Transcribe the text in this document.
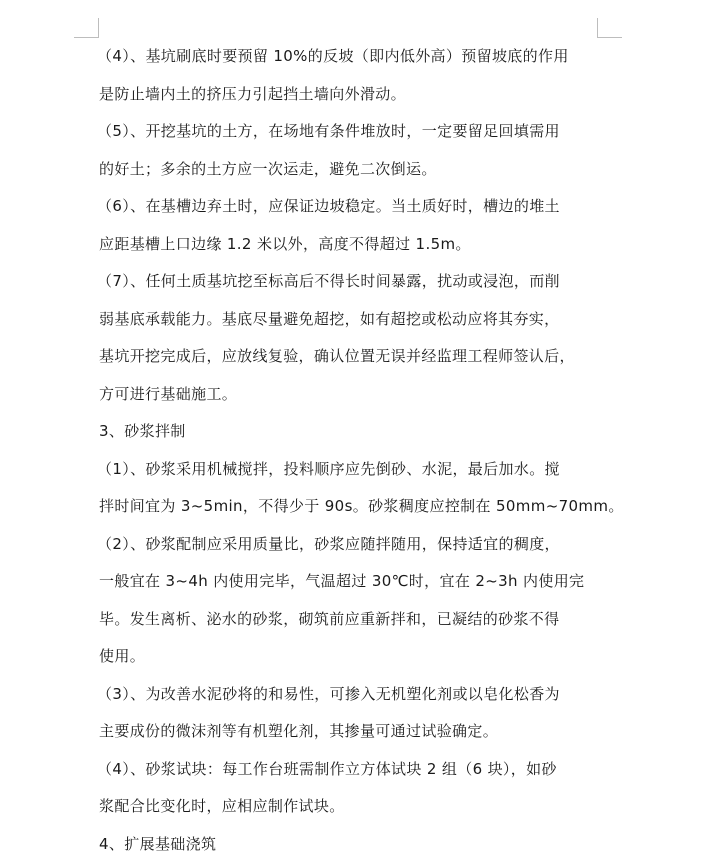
（4）、基坑刷底时要预留 10%的反坡（即内低外高）预留坡底的作用
是防止墙内土的挤压力引起挡土墙向外滑动。
（5）、开挖基坑的土方，在场地有条件堆放时，一定要留足回填需用
的好土；多余的土方应一次运走，避免二次倒运。
（6）、在基槽边弃土时，应保证边坡稳定。当土质好时，槽边的堆土
应距基槽上口边缘 1.2 米以外，高度不得超过 1.5m。
（7）、任何土质基坑挖至标高后不得长时间暴露，扰动或浸泡，而削
弱基底承载能力。基底尽量避免超挖，如有超挖或松动应将其夯实，
基坑开挖完成后，应放线复验，确认位置无误并经监理工程师签认后，
方可进行基础施工。
3、砂浆拌制
（1）、砂浆采用机械搅拌，投料顺序应先倒砂、水泥，最后加水。搅
拌时间宜为 3~5min，不得少于 90s。砂浆稠度应控制在 50mm~70mm。
（2）、砂浆配制应采用质量比，砂浆应随拌随用，保持适宜的稠度，
一般宜在 3~4h 内使用完毕，气温超过 30℃时，宜在 2~3h 内使用完
毕。发生离析、泌水的砂浆，砌筑前应重新拌和，已凝结的砂浆不得
使用。
（3）、为改善水泥砂将的和易性，可掺入无机塑化剂或以皂化松香为
主要成份的微沫剂等有机塑化剂，其掺量可通过试验确定。
（4）、砂浆试块：每工作台班需制作立方体试块 2 组（6 块），如砂
浆配合比变化时，应相应制作试块。
4、扩展基础浇筑
